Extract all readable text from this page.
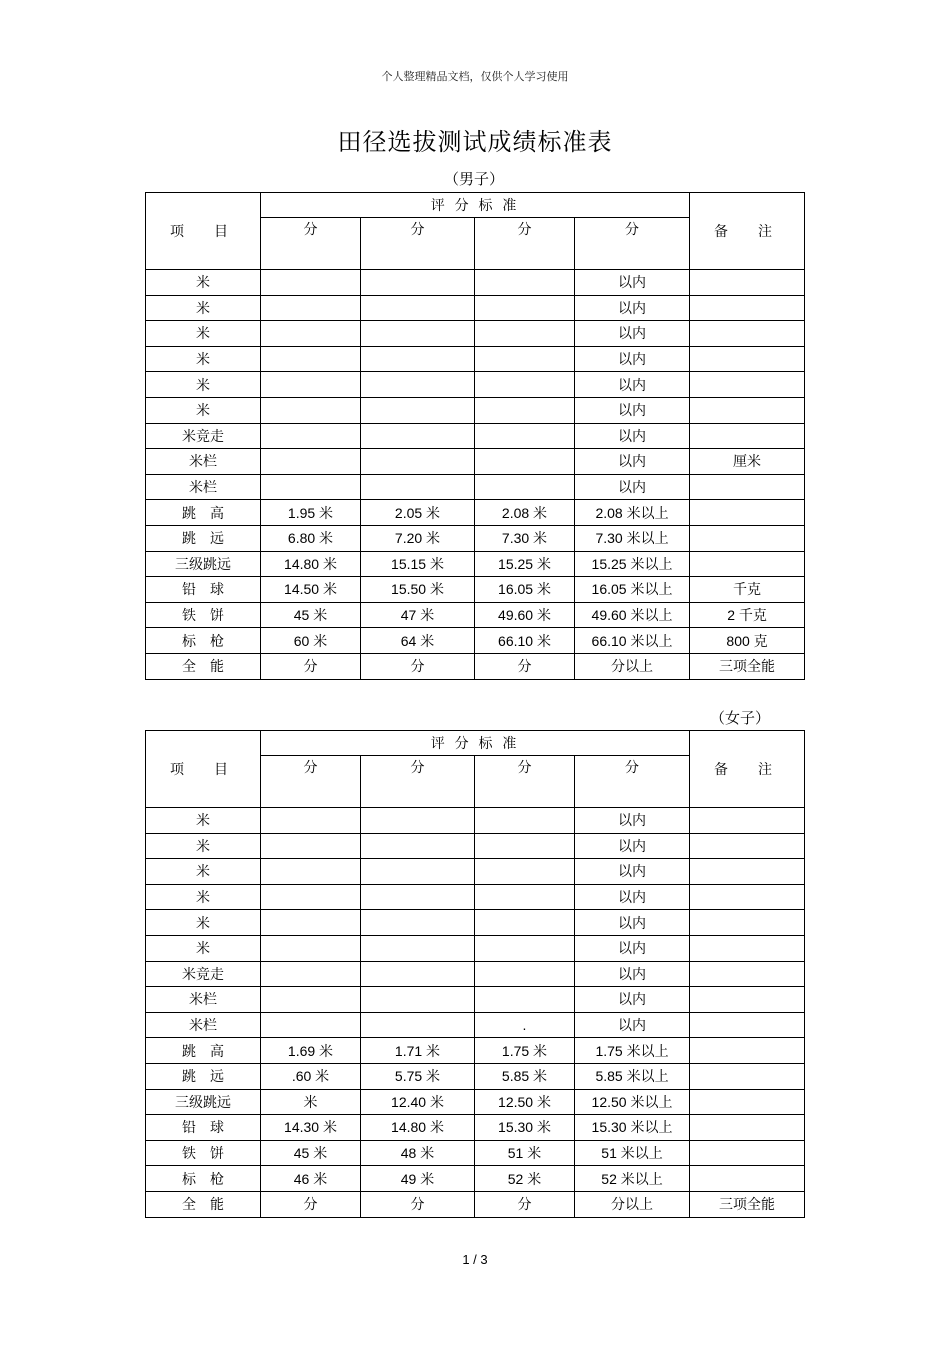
个人整理精品文档，仅供个人学习使用
田径选拔测试成绩标准表
（男子）
项　目	评 分 标 准				备　注
	分	分	分	分	
米				以内	
米				以内	
米				以内	
米				以内	
米				以内	
米				以内	
米竞走				以内	
米栏				以内	厘米
米栏				以内	
跳　高	1.95 米	2.05 米	2.08 米	2.08 米以上	
跳　远	6.80 米	7.20 米	7.30 米	7.30 米以上	
三级跳远	14.80 米	15.15 米	15.25 米	15.25 米以上	
铅　球	14.50 米	15.50 米	16.05 米	16.05 米以上	千克
铁　饼	45 米	47 米	49.60 米	49.60 米以上	2 千克
标　枪	60 米	64 米	66.10 米	66.10 米以上	800 克
全　能	分	分	分	分以上	三项全能
（女子）
项　目	评 分 标 准				备　注
	分	分	分	分	
米				以内	
米				以内	
米				以内	
米				以内	
米				以内	
米				以内	
米竞走				以内	
米栏				以内	
米栏			.	以内	
跳　高	1.69 米	1.71 米	1.75 米	1.75 米以上	
跳　远	.60 米	5.75 米	5.85 米	5.85 米以上	
三级跳远	米	12.40 米	12.50 米	12.50 米以上	
铅　球	14.30 米	14.80 米	15.30 米	15.30 米以上	
铁　饼	45 米	48 米	51 米	51 米以上	
标　枪	46 米	49 米	52 米	52 米以上	
全　能	分	分	分	分以上	三项全能
1 / 3
